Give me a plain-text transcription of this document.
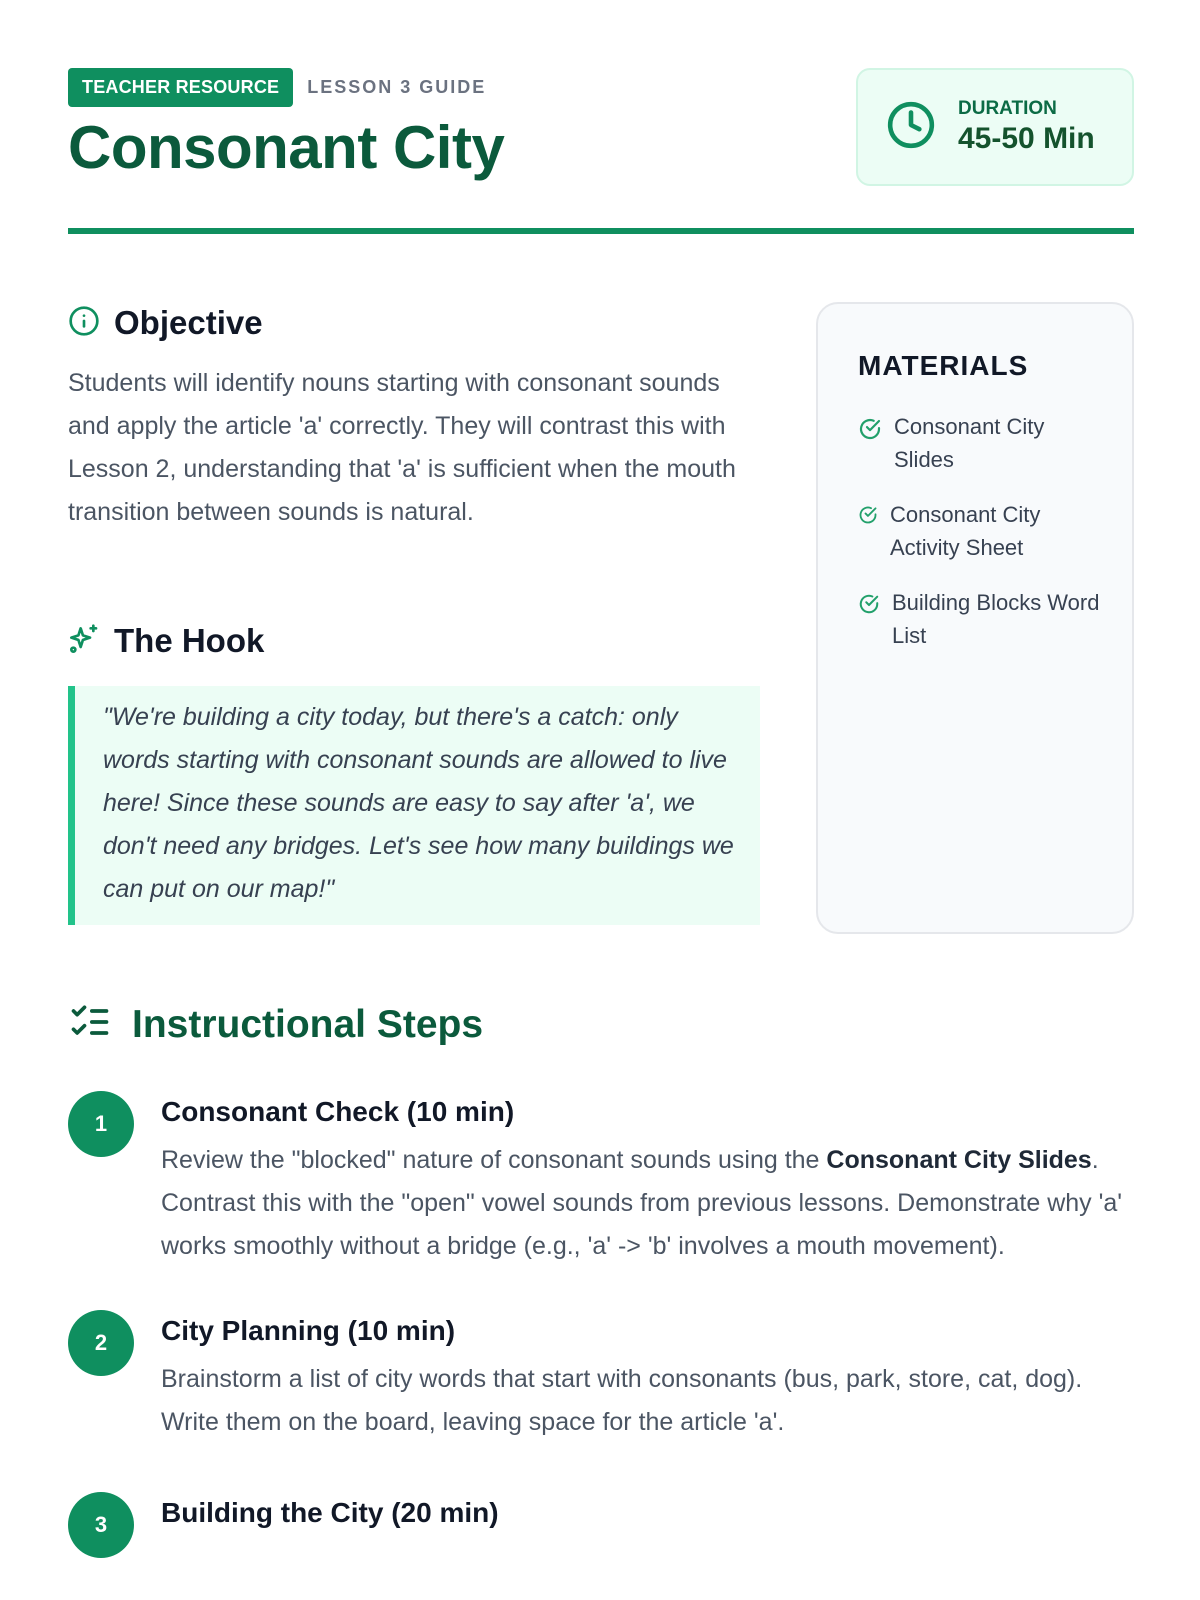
TEACHER RESOURCE	LESSON 3 GUIDE
Consonant City
DURATION
45-50 Min
Objective

Students will identify nouns starting with consonant sounds and apply the article 'a' correctly. They will contrast this with Lesson 2, understanding that 'a' is sufficient when the mouth transition between sounds is natural.

The Hook
"We're building a city today, but there's a catch: only words starting with consonant sounds are allowed to live here! Since these sounds are easy to say after 'a', we don't need any bridges. Let's see how many buildings we can put on our map!"
MATERIALS
Consonant City Slides
Consonant City Activity Sheet
Building Blocks Word List
Instructional Steps
1	Consonant Check (10 min)

Review the "blocked" nature of consonant sounds using the Consonant City Slides. Contrast this with the "open" vowel sounds from previous lessons. Demonstrate why 'a' works smoothly without a bridge (e.g., 'a' -> 'b' involves a mouth movement).

2	City Planning (10 min)

Brainstorm a list of city words that start with consonants (bus, park, store, cat, dog). Write them on the board, leaving space for the article 'a'.

3	Building the City (20 min)
